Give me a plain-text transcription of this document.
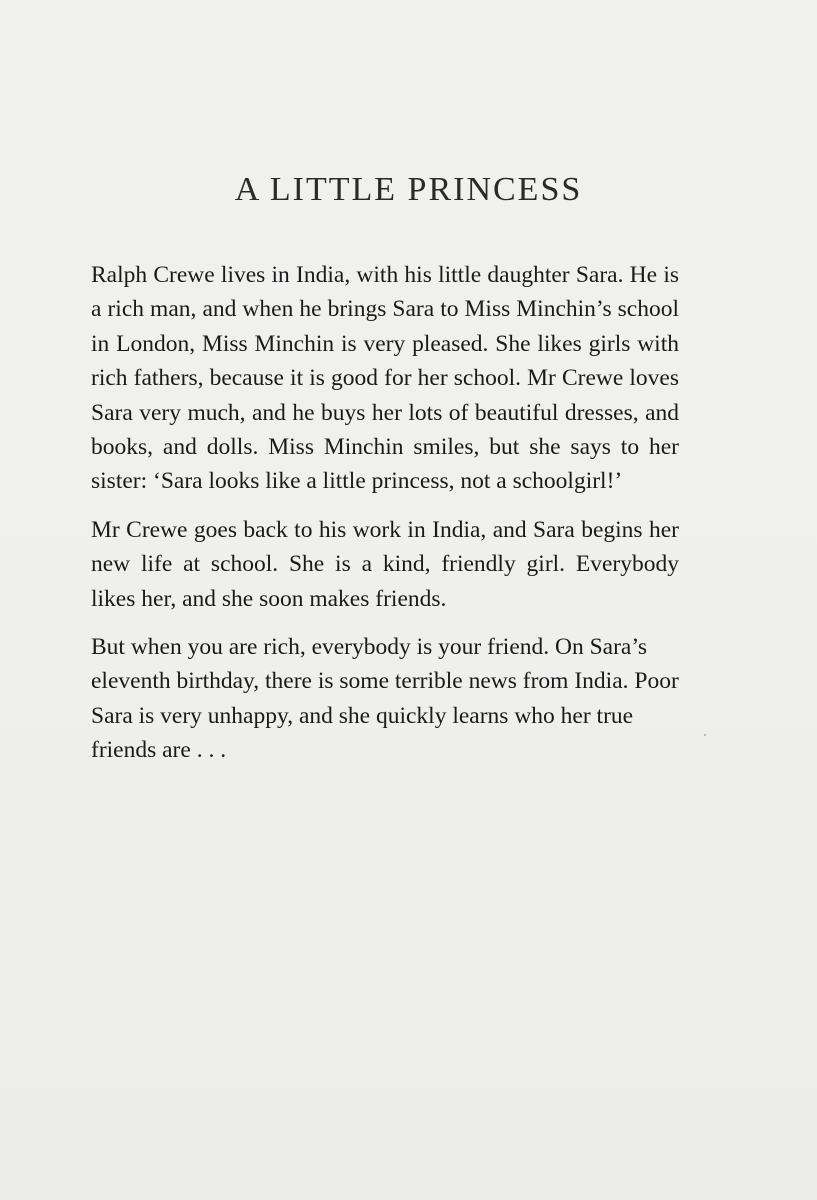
A LITTLE PRINCESS

Ralph Crewe lives in India, with his little daughter Sara. He is a rich man, and when he brings Sara to Miss Minchin’s school in London, Miss Minchin is very pleased. She likes girls with rich fathers, because it is good for her school. Mr Crewe loves Sara very much, and he buys her lots of beautiful dresses, and books, and dolls. Miss Minchin smiles, but she says to her sister: ‘Sara looks like a little princess, not a schoolgirl!’

Mr Crewe goes back to his work in India, and Sara begins her new life at school. She is a kind, friendly girl. Everybody likes her, and she soon makes friends.

But when you are rich, everybody is your friend. On Sara’s eleventh birthday, there is some terrible news from India. Poor Sara is very unhappy, and she quickly learns who her true friends are . . .
